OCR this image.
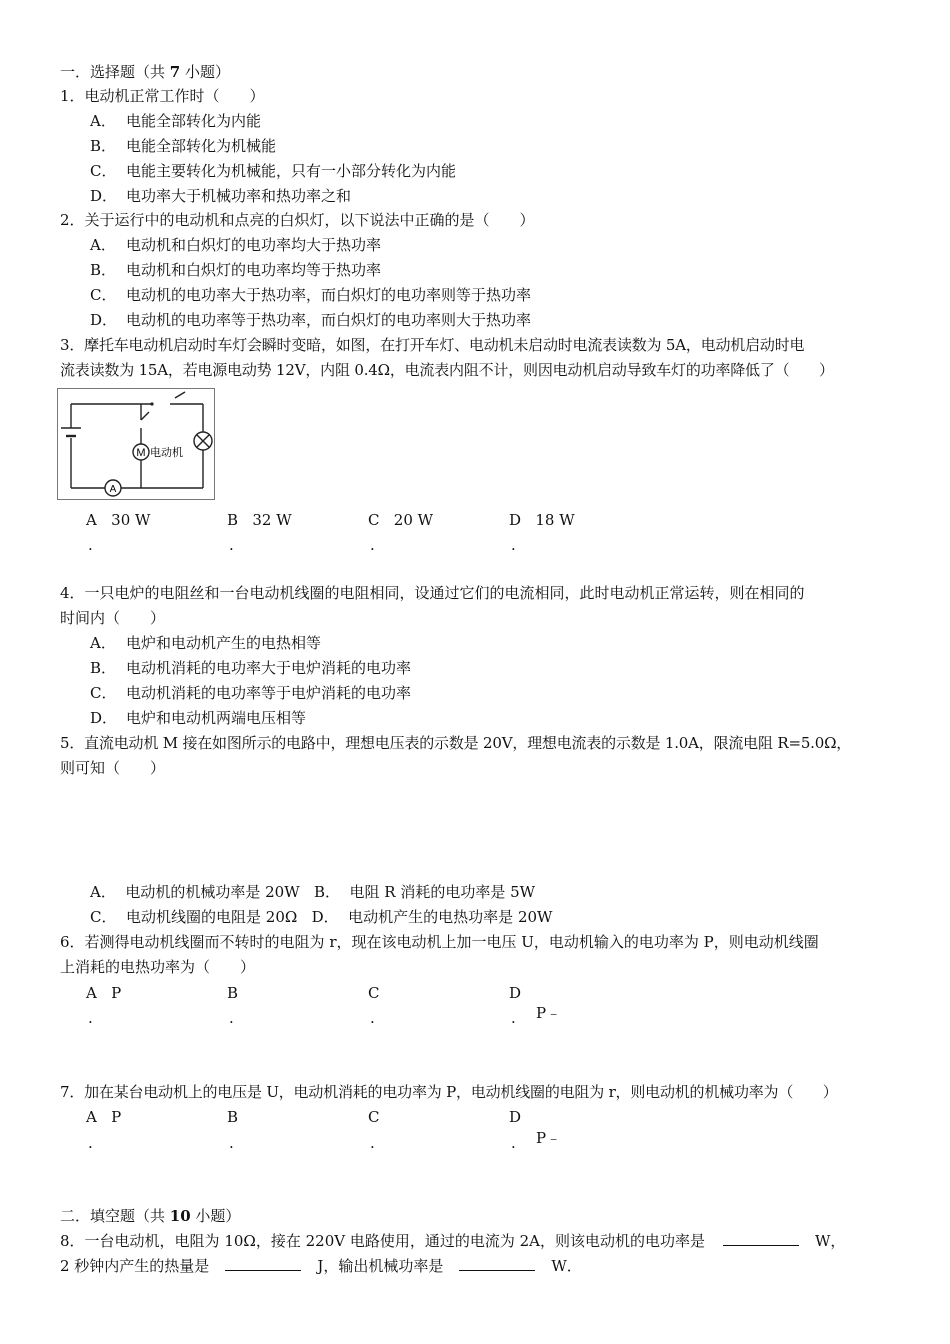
一．选择题（共 7 小题）
1．电动机正常工作时（　　）
A． 电能全部转化为内能
B． 电能全部转化为机械能
C． 电能主要转化为机械能，只有一小部分转化为内能
D． 电功率大于机械功率和热功率之和
2．关于运行中的电动机和点亮的白炽灯，以下说法中正确的是（　　）
A． 电动机和白炽灯的电功率均大于热功率
B． 电动机和白炽灯的电功率均等于热功率
C． 电动机的电功率大于热功率，而白炽灯的电功率则等于热功率
D． 电动机的电功率等于热功率，而白炽灯的电功率则大于热功率
3．摩托车电动机启动时车灯会瞬时变暗，如图，在打开车灯、电动机未启动时电流表读数为 5A，电动机启动时电
流表读数为 15A，若电源电动势 12V，内阻 0.4Ω，电流表内阻不计，则因电动机启动导致车灯的功率降低了（　　）
M 电动机
A
A 30 W	B 32 W	C 20 W	D 18 W
.	.	.	.
4．一只电炉的电阻丝和一台电动机线圈的电阻相同，设通过它们的电流相同，此时电动机正常运转，则在相同的
时间内（　　）
A． 电炉和电动机产生的电热相等
B． 电动机消耗的电功率大于电炉消耗的电功率
C． 电动机消耗的电功率等于电炉消耗的电功率
D． 电炉和电动机两端电压相等
5．直流电动机 M 接在如图所示的电路中，理想电压表的示数是 20V，理想电流表的示数是 1.0A，限流电阻 R=5.0Ω，
则可知（　　）
A．  电动机的机械功率是 20W   B．  电阻 R 消耗的电功率是 5W
C．  电动机线圈的电阻是 20Ω   D．  电动机产生的电热功率是 20W
6．若测得电动机线圈而不转时的电阻为 r，现在该电动机上加一电压 U，电动机输入的电功率为 P，则电动机线圈
上消耗的电热功率为（　　）
A P	B	C	D
.	.	.	. P﹣
7．加在某台电动机上的电压是 U，电动机消耗的电功率为 P，电动机线圈的电阻为 r，则电动机的机械功率为（　　）
A P	B	C	D
.	.	.	. P﹣
二．填空题（共 10 小题）
8．一台电动机，电阻为 10Ω，接在 220V 电路使用，通过的电流为 2A，则该电动机的电功率是	W，
2 秒钟内产生的热量是	J，输出机械功率是	W．
